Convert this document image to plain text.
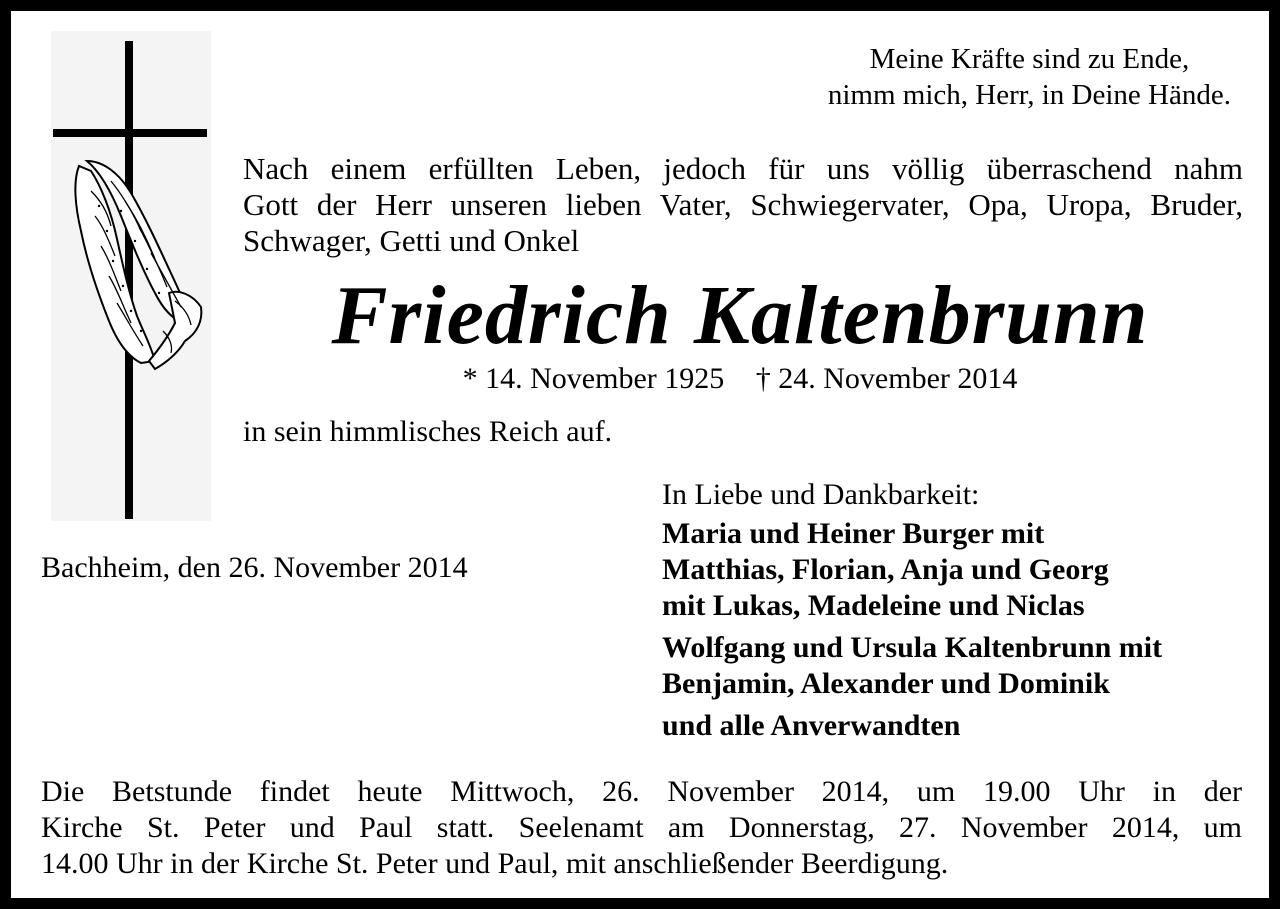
Meine Kräfte sind zu Ende,
nimm mich, Herr, in Deine Hände.
Nach einem erfüllten Leben, jedoch für uns völlig überraschend nahm
Gott der Herr unseren lieben Vater, Schwiegervater, Opa, Uropa, Bruder,
Schwager, Getti und Onkel
Friedrich Kaltenbrunn
* 14. November 1925 † 24. November 2014
in sein himmlisches Reich auf.
Bachheim, den 26. November 2014
In Liebe und Dankbarkeit:
Maria und Heiner Burger mit
Matthias, Florian, Anja und Georg
mit Lukas, Madeleine und Niclas
Wolfgang und Ursula Kaltenbrunn mit
Benjamin, Alexander und Dominik
und alle Anverwandten
Die Betstunde findet heute Mittwoch, 26. November 2014, um 19.00 Uhr in der
Kirche St. Peter und Paul statt. Seelenamt am Donnerstag, 27. November 2014, um
14.00 Uhr in der Kirche St. Peter und Paul, mit anschließender Beerdigung.
